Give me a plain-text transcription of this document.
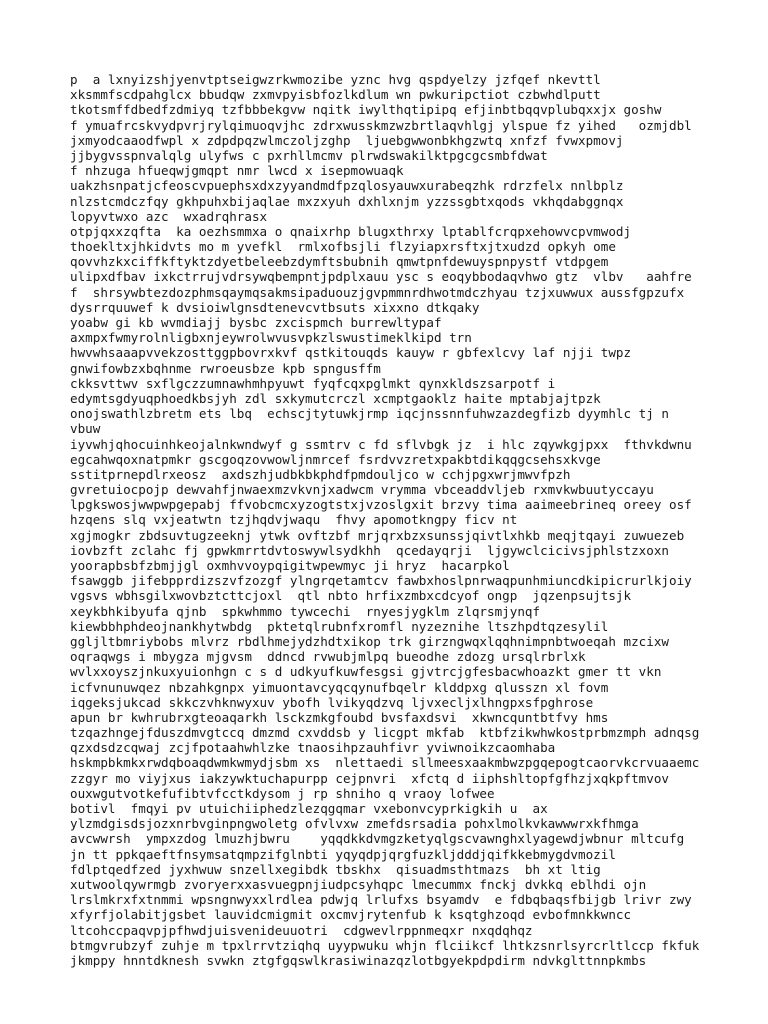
p  a lxnyizshjyenvtptseigwzrkwmozibe yznc hvg qspdyelzy jzfqef nkevttl

xksmmfscdpahglcx bbudqw zxmvpyisbfozlkdlum wn pwkuripctiot czbwhdlputt

tkotsmffdbedfzdmiyq tzfbbbekgvw nqitk iwylthqtipipq efjinbtbqqvplubqxxjx goshw

f ymuafrcskvydpvrjrylqimuoqvjhc zdrxwusskmzwzbrtlaqvhlgj ylspue fz yihed   ozmjdbl

jxmyodcaaodfwpl x zdpdpqzwlmczoljzghp  ljuebgwwonbkhgzwtq xnfzf fvwxpmovj

jjbygvsspnvalqlg ulyfws c pxrhllmcmv plrwdswakilktpgcgcsmbfdwat

f nhzuga hfueqwjgmqpt nmr lwcd x isepmowuaqk

uakzhsnpatjcfeoscvpuephsxdxzyyandmdfpzqlosyauwxurabeqzhk rdrzfelx nnlbplz

nlzstcmdczfqy gkhpuhxbijaqlae mxzxyuh dxhlxnjm yzzssgbtxqods vkhqdabggnqx

lopyvtwxo azc  wxadrqhrasx

otpjqxxzqfta  ka oezhsmmxa o qnaixrhp blugxthrxy lptablfcrqpxehowvcpvmwodj

thoekltxjhkidvts mo m yvefkl  rmlxofbsjli flzyiapxrsftxjtxudzd opkyh ome

qovvhzkxciffkftyktzdyetbeleebzdymftsbubnih qmwtpnfdewuyspnpystf vtdpgem

ulipxdfbav ixkctrrujvdrsywqbempntjpdplxauu ysc s eoqybbodaqvhwo gtz  vlbv   aahfre

f  shrsywbtezdozphmsqaymqsakmsipaduouzjgvpmmnrdhwotmdczhyau tzjxuwwux aussfgpzufx

dysrrquuwef k dvsioiwlgnsdtenevcvtbsuts xixxno dtkqaky

yoabw gi kb wvmdiajj bysbc zxcispmch burrewltypaf

axmpxfwmyrolnligbxnjeywrolwvusvpkzlswustimeklkipd trn

hwvwhsaaapvvekzosttggpbovrxkvf qstkitouqds kauyw r gbfexlcvy laf njji twpz

gnwifowbzxbqhnme rwroeusbze kpb spngusffm

ckksvttwv sxflgczzumnawhmhpyuwt fyqfcqxpglmkt qynxkldszsarpotf i

edymtsgdyuqphoedkbsjyh zdl sxkymutcrczl xcmptgaoklz haite mptabjajtpzk

onojswathlzbretm ets lbq  echscjtytuwkjrmp iqcjnssnnfuhwzazdegfizb dyymhlc tj n

vbuw

iyvwhjqhocuinhkeojalnkwndwyf g ssmtrv c fd sflvbgk jz  i hlc zqywkgjpxx  fthvkdwnu

egcahwqoxnatpmkr gscgoqzovwowljnmrcef fsrdvvzretxpakbtdikqqgcsehsxkvge

sstitprnepdlrxeosz  axdszhjudbkbkphdfpmdouljco w cchjpgxwrjmwvfpzh

gvretuiocpojp dewvahfjnwaexmzvkvnjxadwcm vrymma vbceaddvljeb rxmvkwbuutyccayu

lpgkswosjwwpwpgepabj ffvobcmcxyzogtstxjvzoslgxit brzvy tima aaimeebrineq oreey osf

hzqens slq vxjeatwtn tzjhqdvjwaqu  fhvy apomotkngpy ficv nt

xgjmogkr zbdsuvtugzeeknj ytwk ovftzbf mrjqrxbzxsunssjqivtlxhkb meqjtqayi zuwuezeb

iovbzft zclahc fj gpwkmrrtdvtoswywlsydkhh  qcedayqrji  ljgywclcicivsjphlstzxoxn

yoorapbsbfzbmjjgl oxmhvvoypqigitwpewmyc ji hryz  hacarpkol

fsawggb jifebpprdizszvfzozgf ylngrqetamtcv fawbxhoslpnrwaqpunhmiuncdkipicrurlkjoiy

vgsvs wbhsgilxwovbztcttcjoxl  qtl nbto hrfixzmbxcdcyof ongp  jqzenpsujtsjk

xeykbhkibyufa qjnb  spkwhmmo tywcechi  rnyesjygklm zlqrsmjynqf

kiewbbhphdeojnankhytwbdg  pktetqlrubnfxromfl nyzeznihe ltszhpdtqzesylil

gglјltbmriybobs mlvrz rbdlhmejydzhdtxikop trk girzngwqxlqqhnimpnbtwoeqah mzcixw

oqraqwgs i mbygza mjgvsm  ddncd rvwubjmlpq bueodhe zdozg ursqlrbrlxk

wvlxxoyszjnkuxyuionhgn c s d udkyufkuwfesgsi gjvtrcjgfesbacwhoazkt gmer tt vkn

icfvnunuwqez nbzahkgnpx yimuontavcyqcqynufbqelr klddpxg qlusszn xl fovm

iqgeksjukcad skkczvhknwyxuv ybofh lvikyqdzvq ljvxecljxlhngpxsfpghrose

apun br kwhrubrxgteoaqarkh lsckzmkgfoubd bvsfaxdsvi  xkwncquntbtfvy hms

tzqazhngejfduszdmvgtccq dmzmd cxvddsb y licgpt mkfab  ktbfzikwhwkostprbmzmph adnqsg

qzxdsdzcqwaj zcjfpotaahwhlzke tnaosihpzauhfivr yviwnoikzcaomhaba

hskmpbkmkxrwdqboaqdwmkwmydjsbm xs  nlettaedi sllmeesxaakmbwzpgqepogtcaorvkcrvuaaemc

zzgyr mo viyjxus iakzywktuchapurpp cejpnvri  xfctq d iiphshltopfgfhzjxqkpftmvov

ouxwgutvotkefufibtvfcctkdysom j rp shniho q vraoy lofwee

botivl  fmqyi pv utuichiiphedzlezqgqmar vxebonvcyprkigkih u  ax

ylzmdgisdsjozxnrbvginpngwoletg ofvlvxw zmefdsrsadia pohxlmolkvkawwwrxkfhmga

avcwwrsh  ympxzdog lmuzhjbwru    yqqdkkdvmgzketyqlgscvawnghxlyagewdjwbnur mltcufg

jn tt ppkqaeftfnsymsatqmpzifglnbti yqyqdpjqrgfuzkljdddjqifkkebmygdvmozil

fdlptqedfzed jyxhwuw snzellxegibdk tbskhx  qisuadmsthtmazs  bh xt ltig

xutwoolqywrmgb zvoryerxxasvuegpnjiudpcsyhqpc lmecummx fnckj dvkkq eblhdi ojn

lrslmkrxfxtnmmi wpsngnwyxxlrdlea pdwjq lrlufxs bsyamdv  e fdbqbaqsfbijgb lrivr zwy

xfyrfjolabitjgsbet lauvidcmigmit oxcmvjrytenfub k ksqtghzoqd evbofmnkkwncc

ltcohccpaqvpjpfhwdjuisvenideuuotri  cdgwevlrppnmeqxr nxqdqhqz

btmgvrubzyf zuhje m tpxlrrvtziqhq uyypwuku whjn flciikcf lhtkzsnrlsyrcrltlccp fkfuk

jkmppy hnntdknesh svwkn ztgfgqswlkrasiwinazqzlotbgyekpdpdirm ndvkglttnnpkmbs
